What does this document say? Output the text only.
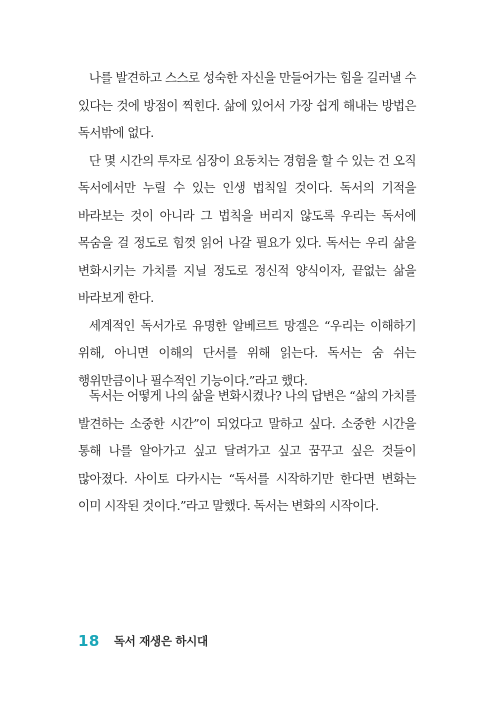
나를 발견하고 스스로 성숙한 자신을 만들어가는 힘을 길러낼 수 있다는 것에 방점이 찍힌다. 삶에 있어서 가장 쉽게 해내는 방법은 독서밖에 없다.

단 몇 시간의 투자로 심장이 요동치는 경험을 할 수 있는 건 오직 독서에서만 누릴 수 있는 인생 법칙일 것이다. 독서의 기적을 바라보는 것이 아니라 그 법칙을 버리지 않도록 우리는 독서에 목숨을 걸 정도로 힘껏 읽어 나갈 필요가 있다. 독서는 우리 삶을 변화시키는 가치를 지닐 정도로 정신적 양식이자, 끝없는 삶을 바라보게 한다.

세계적인 독서가로 유명한 알베르트 망겔은 “우리는 이해하기 위해, 아니면 이해의 단서를 위해 읽는다. 독서는 숨 쉬는 행위만큼이나 필수적인 기능이다.”라고 했다.

독서는 어떻게 나의 삶을 변화시켰나? 나의 답변은 “삶의 가치를 발견하는 소중한 시간”이 되었다고 말하고 싶다. 소중한 시간을 통해 나를 알아가고 싶고 달려가고 싶고 꿈꾸고 싶은 것들이 많아졌다. 사이토 다카시는 “독서를 시작하기만 한다면 변화는 이미 시작된 것이다.”라고 말했다. 독서는 변화의 시작이다.

18 독서 재생은 하시대
